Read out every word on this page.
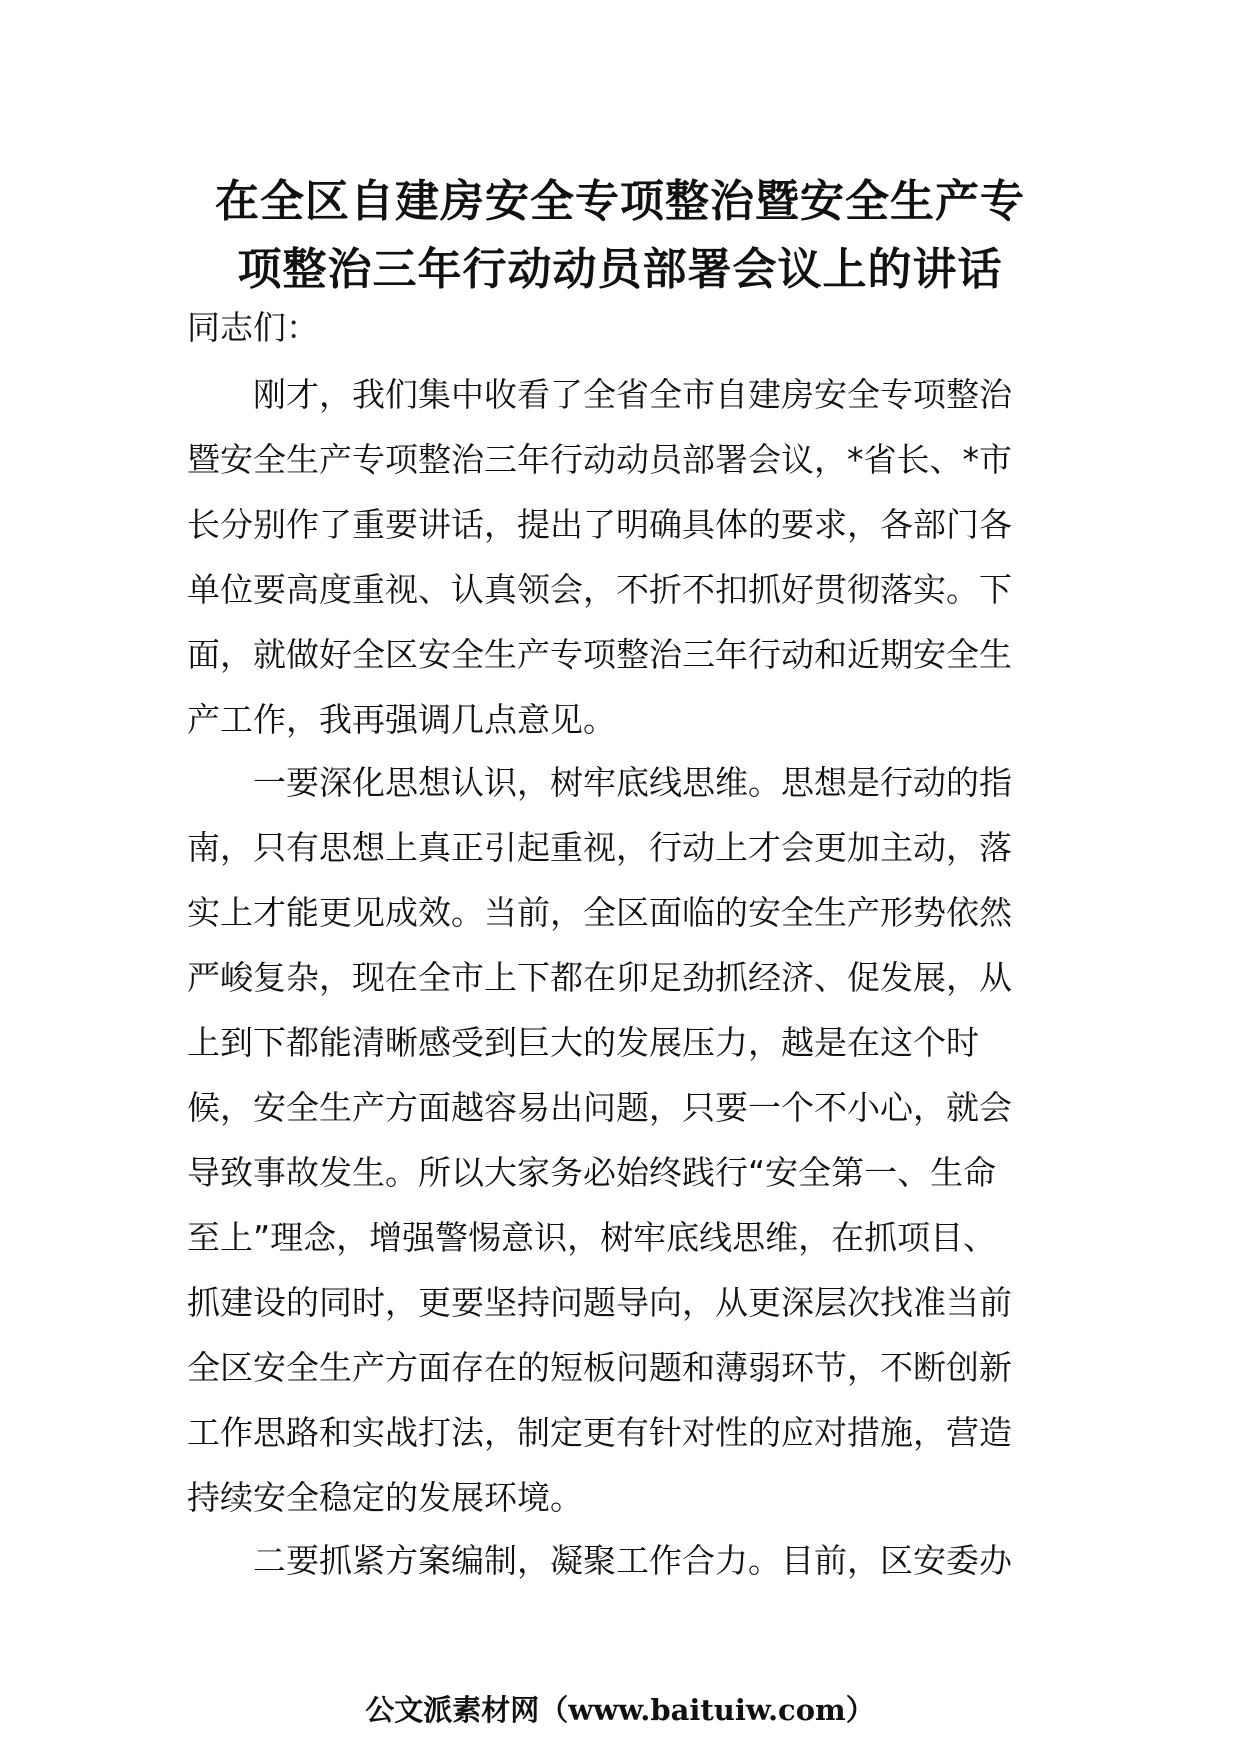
在全区自建房安全专项整治暨安全生产专
项整治三年行动动员部署会议上的讲话
同志们：
刚才，我们集中收看了全省全市自建房安全专项整治
暨安全生产专项整治三年行动动员部署会议，*省长、*市
长分别作了重要讲话，提出了明确具体的要求，各部门各
单位要高度重视、认真领会，不折不扣抓好贯彻落实。下
面，就做好全区安全生产专项整治三年行动和近期安全生
产工作，我再强调几点意见。
一要深化思想认识，树牢底线思维。思想是行动的指
南，只有思想上真正引起重视，行动上才会更加主动，落
实上才能更见成效。当前，全区面临的安全生产形势依然
严峻复杂，现在全市上下都在卯足劲抓经济、促发展，从
上到下都能清晰感受到巨大的发展压力，越是在这个时
候，安全生产方面越容易出问题，只要一个不小心，就会
导致事故发生。所以大家务必始终践行“安全第一、生命
至上”理念，增强警惕意识，树牢底线思维，在抓项目、
抓建设的同时，更要坚持问题导向，从更深层次找准当前
全区安全生产方面存在的短板问题和薄弱环节，不断创新
工作思路和实战打法，制定更有针对性的应对措施，营造
持续安全稳定的发展环境。
二要抓紧方案编制，凝聚工作合力。目前，区安委办
公文派素材网（www.baituiw.com）
